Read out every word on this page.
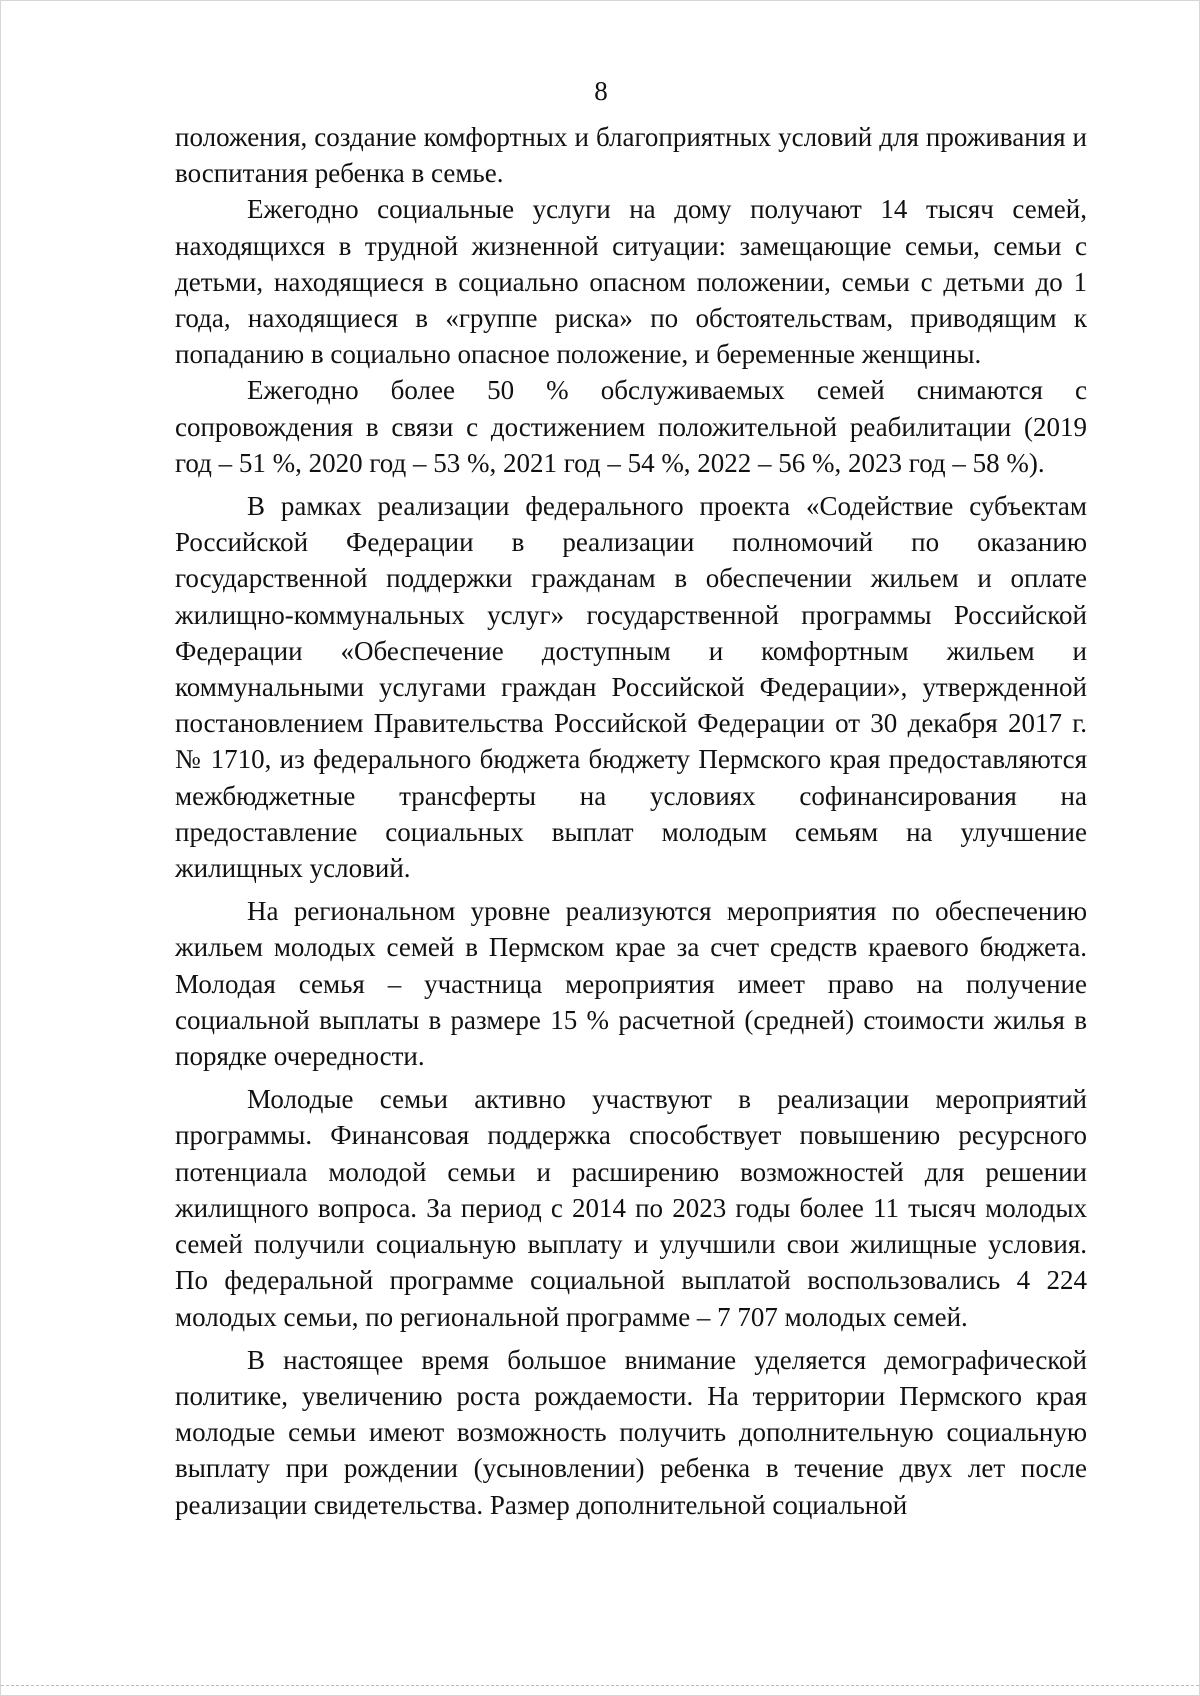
8

положения, создание комфортных и благоприятных условий для проживания и воспитания ребенка в семье.

Ежегодно социальные услуги на дому получают 14 тысяч семей, находящихся в трудной жизненной ситуации: замещающие семьи, семьи с детьми, находящиеся в социально опасном положении, семьи с детьми до 1 года, находящиеся в «группе риска» по обстоятельствам, приводящим к попаданию в социально опасное положение, и беременные женщины.

Ежегодно более 50 % обслуживаемых семей снимаются с сопровождения в связи с достижением положительной реабилитации (2019 год – 51 %, 2020 год – 53 %, 2021 год – 54 %, 2022 – 56 %, 2023 год – 58 %).

В рамках реализации федерального проекта «Содействие субъектам Российской Федерации в реализации полномочий по оказанию государственной поддержки гражданам в обеспечении жильем и оплате жилищно-коммунальных услуг» государственной программы Российской Федерации «Обеспечение доступным и комфортным жильем и коммунальными услугами граждан Российской Федерации», утвержденной постановлением Правительства Российской Федерации от 30 декабря 2017 г. № 1710, из федерального бюджета бюджету Пермского края предоставляются межбюджетные трансферты на условиях софинансирования на предоставление социальных выплат молодым семьям на улучшение жилищных условий.

На региональном уровне реализуются мероприятия по обеспечению жильем молодых семей в Пермском крае за счет средств краевого бюджета. Молодая семья – участница мероприятия имеет право на получение социальной выплаты в размере 15 % расчетной (средней) стоимости жилья в порядке очередности.

Молодые семьи активно участвуют в реализации мероприятий программы. Финансовая поддержка способствует повышению ресурсного потенциала молодой семьи и расширению возможностей для решении жилищного вопроса. За период с 2014 по 2023 годы более 11 тысяч молодых семей получили социальную выплату и улучшили свои жилищные условия. По федеральной программе социальной выплатой воспользовались 4 224 молодых семьи, по региональной программе – 7 707 молодых семей.

В настоящее время большое внимание уделяется демографической политике, увеличению роста рождаемости. На территории Пермского края молодые семьи имеют возможность получить дополнительную социальную выплату при рождении (усыновлении) ребенка в течение двух лет после реализации свидетельства. Размер дополнительной социальной
